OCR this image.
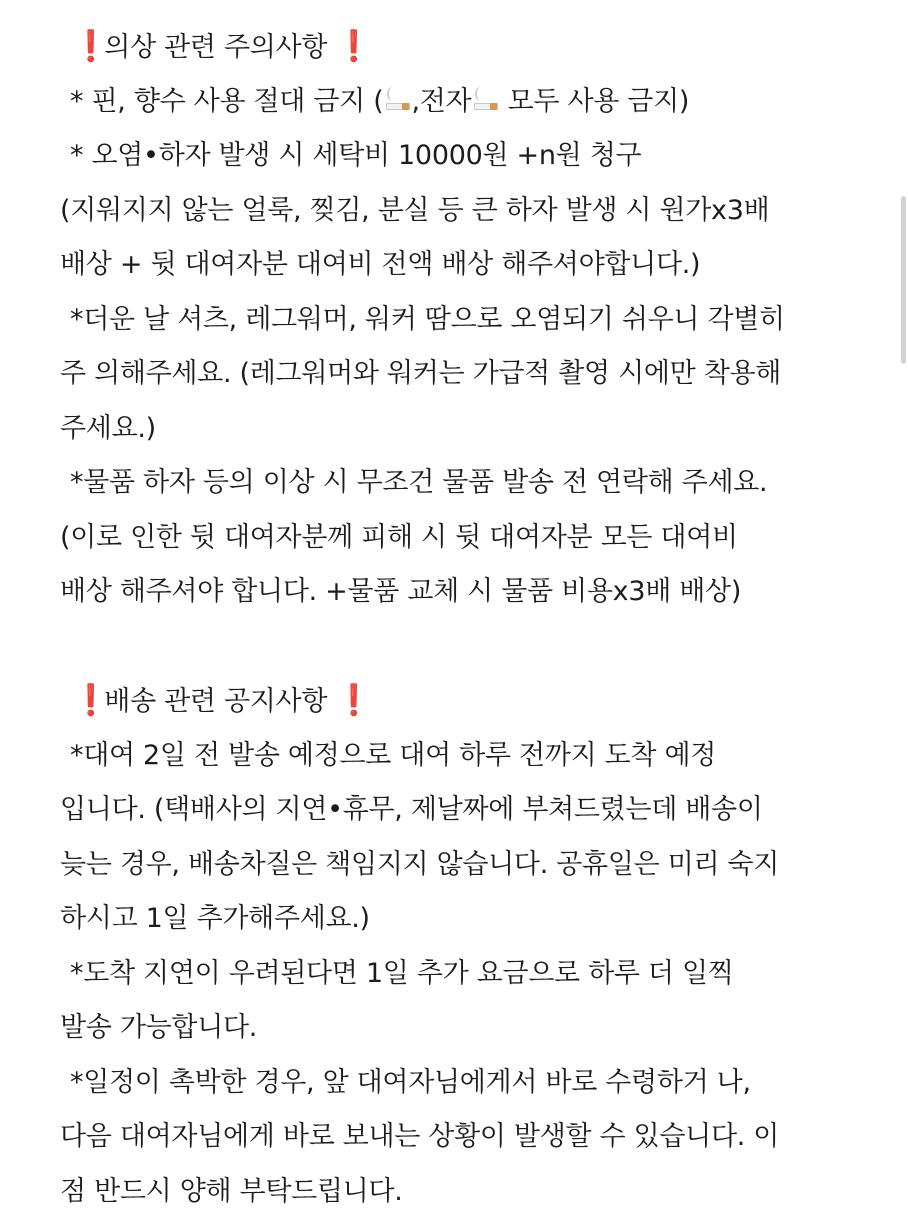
❗ 의상 관련 주의사항 ❗
* 핀, 향수 사용 절대 금지 ( ,전자
모두 사용 금지)
* 오염•하자 발생 시 세탁비 10000원 +n원 청구
(지워지지 않는 얼룩, 찢김, 분실 등 큰 하자 발생 시 원가x3배
배상 + 뒷 대여자분 대여비 전액 배상 해주셔야합니다.)
*더운 날 셔츠, 레그워머, 워커 땀으로 오염되기 쉬우니 각별히
주 의해주세요. (레그워머와 워커는 가급적 촬영 시에만 착용해
주세요.)
*물품 하자 등의 이상 시 무조건 물품 발송 전 연락해 주세요.
(이로 인한 뒷 대여자분께 피해 시 뒷 대여자분 모든 대여비
배상 해주셔야 합니다. +물품 교체 시 물품 비용x3배 배상)
❗ 배송 관련 공지사항 ❗
*대여 2일 전 발송 예정으로 대여 하루 전까지 도착 예정
입니다. (택배사의 지연•휴무, 제날짜에 부쳐드렸는데 배송이
늦는 경우, 배송차질은 책임지지 않습니다. 공휴일은 미리 숙지
하시고 1일 추가해주세요.)
*도착 지연이 우려된다면 1일 추가 요금으로 하루 더 일찍
발송 가능합니다.
*일정이 촉박한 경우, 앞 대여자님에게서 바로 수령하거 나,
다음 대여자님에게 바로 보내는 상황이 발생할 수 있습니다. 이
점 반드시 양해 부탁드립니다.
